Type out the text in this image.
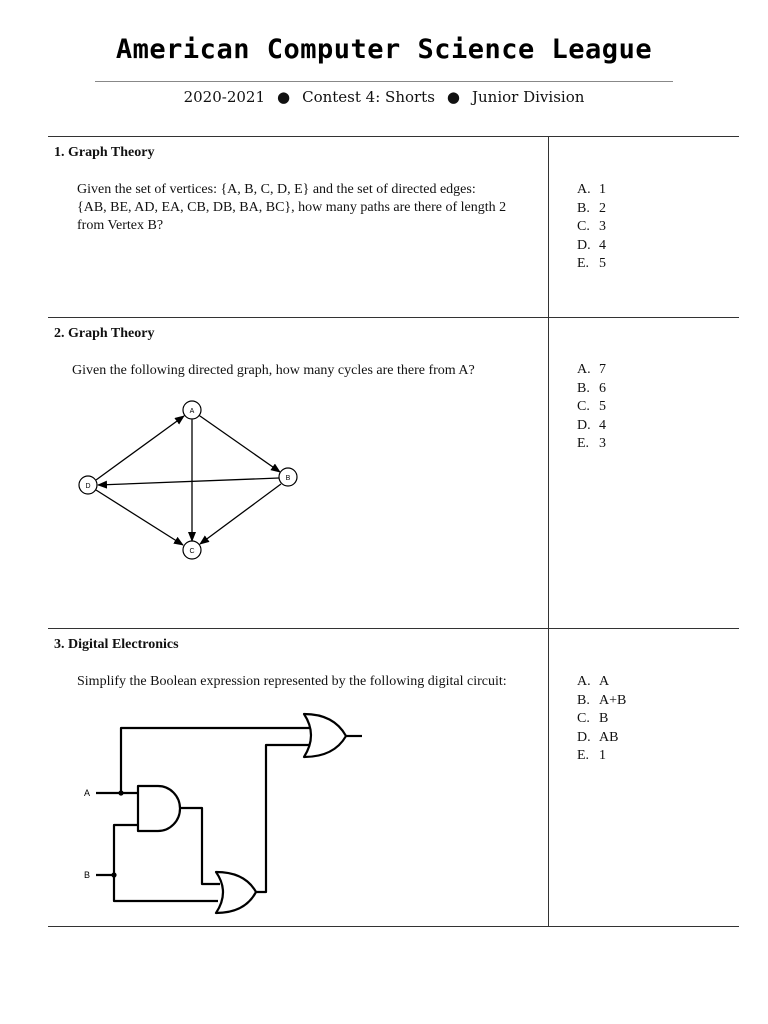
American Computer Science League
2020-2021 ● Contest 4: Shorts ● Junior Division
1. Graph Theory
Given the set of vertices: {A, B, C, D, E} and the set of directed edges:
{AB, BE, AD, EA, CB, DB, BA, BC}, how many paths are there of length 2
from Vertex B?
A. 1
B. 2
C. 3
D. 4
E. 5
2. Graph Theory
Given the following directed graph, how many cycles are there from A?	A. 7
B. 6
C. 5
D. 4
E. 3
A
B
C
D
3. Digital Electronics
Simplify the Boolean expression represented by the following digital circuit:	A. A
B. A+B
C. B
D. AB
E. 1
A
B
